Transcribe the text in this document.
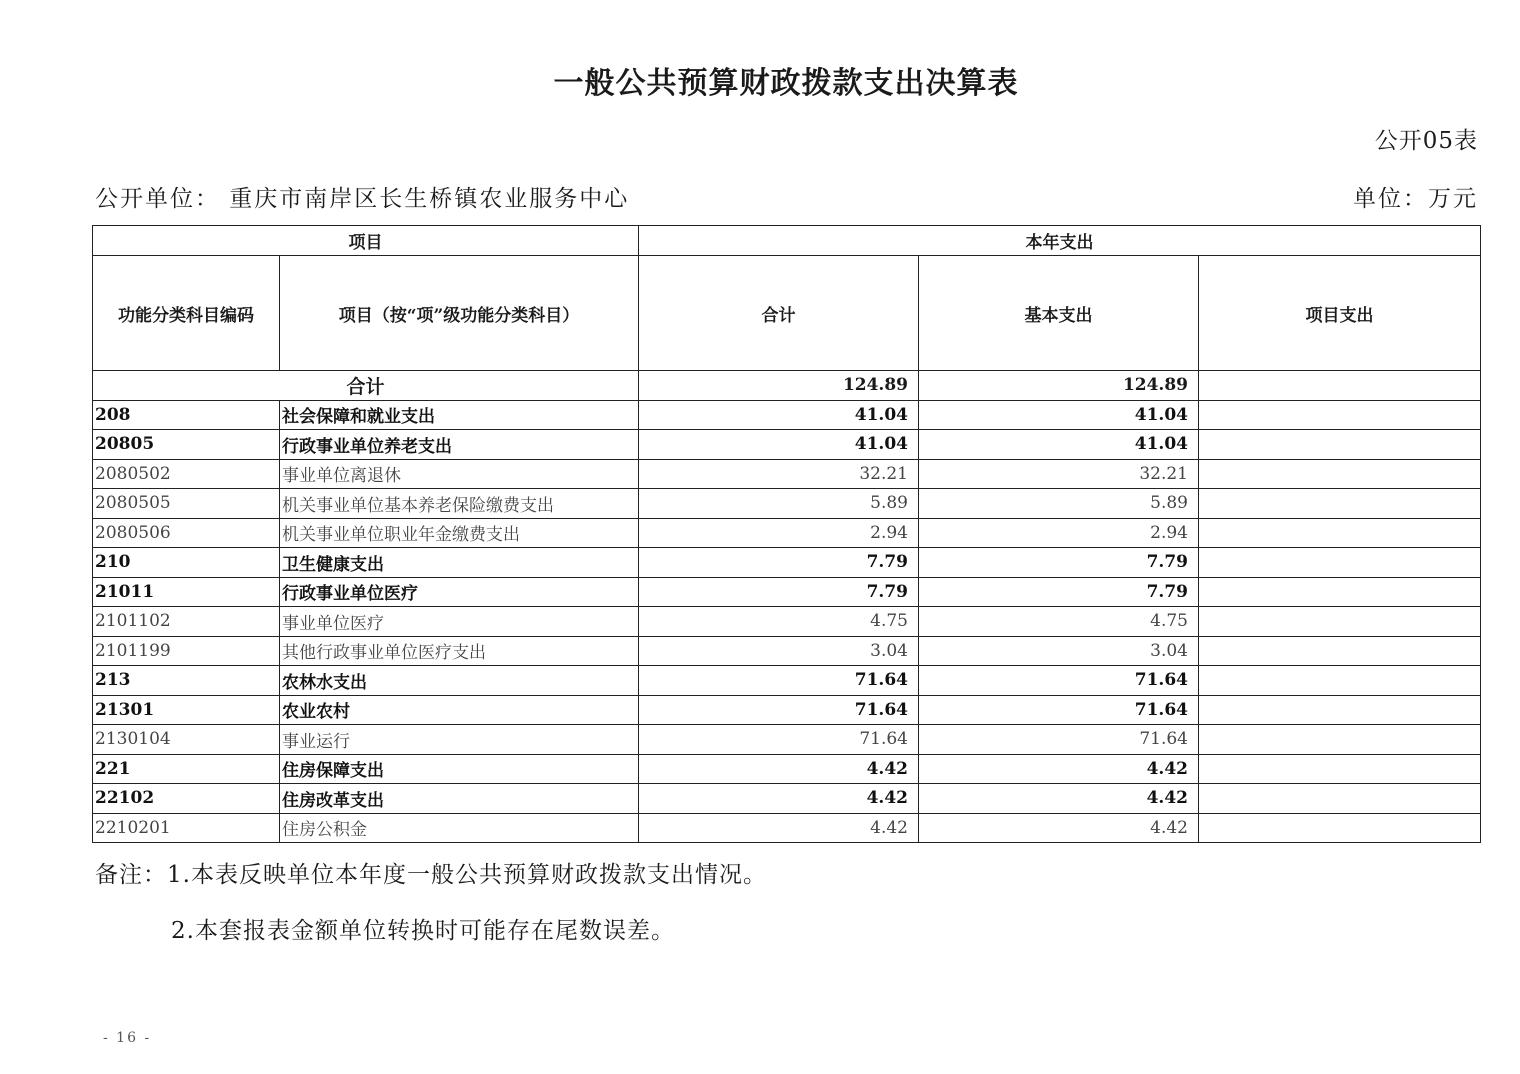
一般公共预算财政拨款支出决算表
公开05表
公开单位： 重庆市南岸区长生桥镇农业服务中心	单位：万元
项目		本年支出		
功能分类科目编码	项目（按“项”级功能分类科目）	合计	基本支出	项目支出
合计		124.89	124.89	
208	社会保障和就业支出	41.04	41.04	
20805	行政事业单位养老支出	41.04	41.04	
2080502	事业单位离退休	32.21	32.21	
2080505	机关事业单位基本养老保险缴费支出	5.89	5.89	
2080506	机关事业单位职业年金缴费支出	2.94	2.94	
210	卫生健康支出	7.79	7.79	
21011	行政事业单位医疗	7.79	7.79	
2101102	事业单位医疗	4.75	4.75	
2101199	其他行政事业单位医疗支出	3.04	3.04	
213	农林水支出	71.64	71.64	
21301	农业农村	71.64	71.64	
2130104	事业运行	71.64	71.64	
221	住房保障支出	4.42	4.42	
22102	住房改革支出	4.42	4.42	
2210201	住房公积金	4.42	4.42	
备注：1.本表反映单位本年度一般公共预算财政拨款支出情况。
2.本套报表金额单位转换时可能存在尾数误差。
- 16 -
